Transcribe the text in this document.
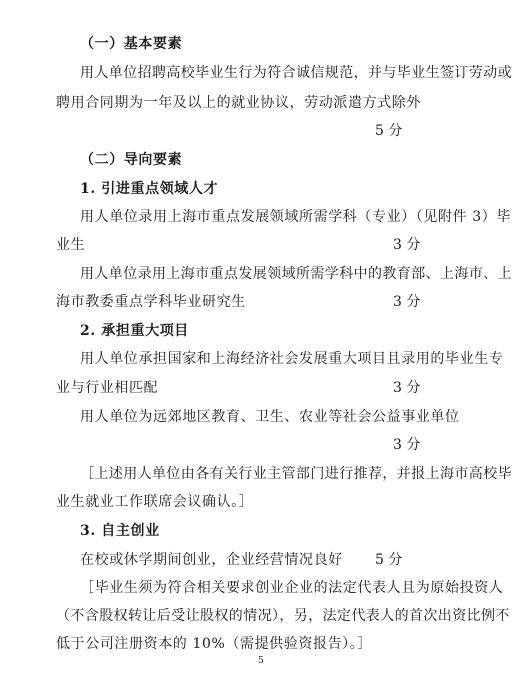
（一）基本要素
用人单位招聘高校毕业生行为符合诚信规范，并与毕业生签订劳动或
聘用合同期为一年及以上的就业协议，劳动派遣方式除外
5 分
（二）导向要素
1. 引进重点领域人才
用人单位录用上海市重点发展领域所需学科（专业）（见附件 3）毕
业生	3 分
用人单位录用上海市重点发展领域所需学科中的教育部、上海市、上
海市教委重点学科毕业研究生	3 分
2. 承担重大项目
用人单位承担国家和上海经济社会发展重大项目且录用的毕业生专
业与行业相匹配	3 分
用人单位为远郊地区教育、卫生、农业等社会公益事业单位
3 分
［上述用人单位由各有关行业主管部门进行推荐，并报上海市高校毕
业生就业工作联席会议确认。］
3. 自主创业
在校或休学期间创业，企业经营情况良好 5 分
［毕业生须为符合相关要求创业企业的法定代表人且为原始投资人
（不含股权转让后受让股权的情况），另，法定代表人的首次出资比例不
低于公司注册资本的 10%（需提供验资报告）。］
5
